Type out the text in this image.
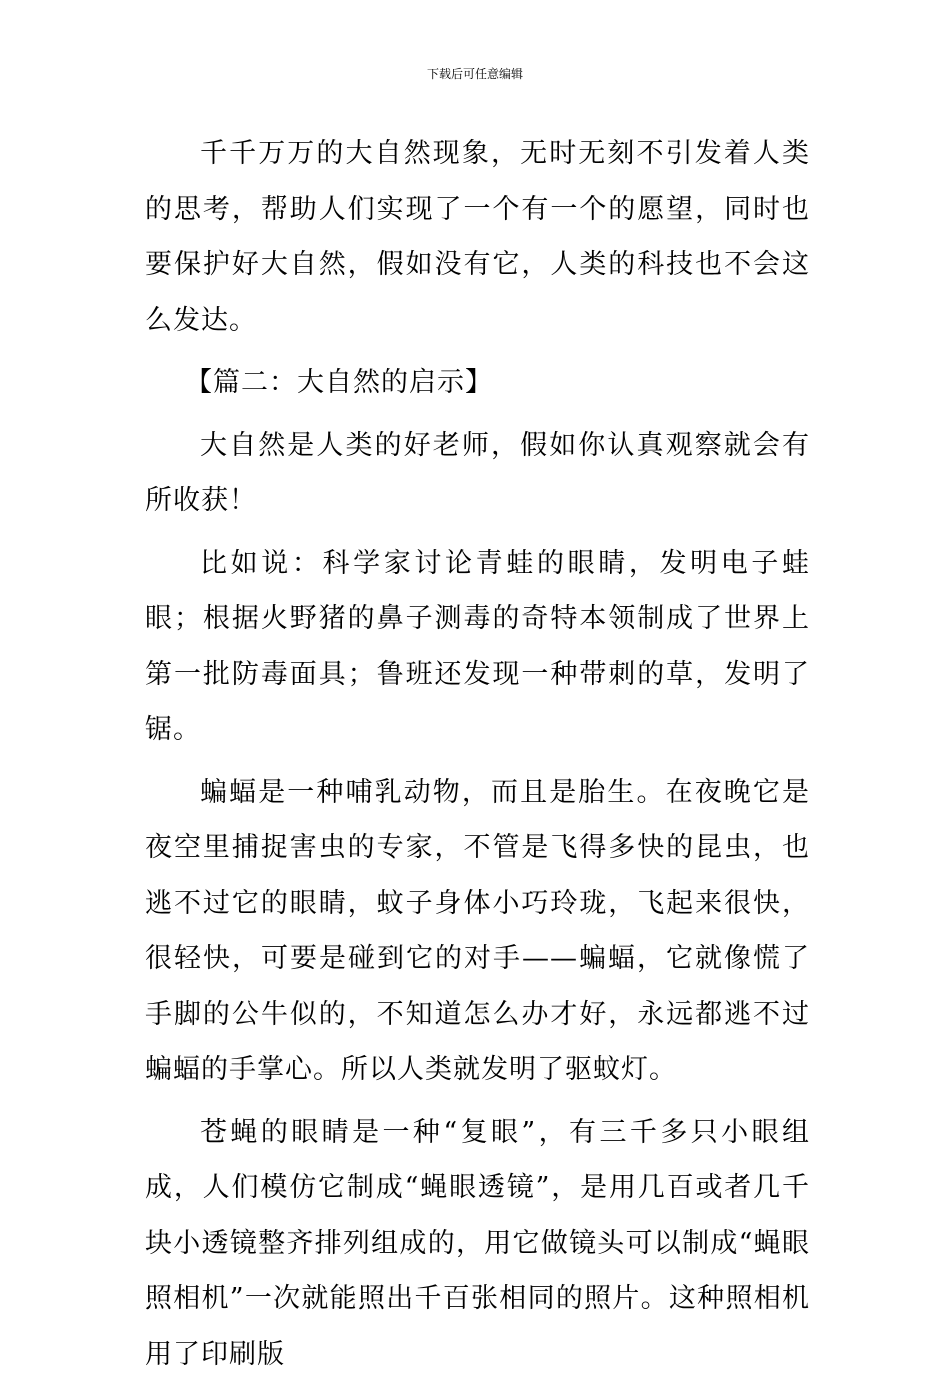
下载后可任意编辑

千千万万的大自然现象，无时无刻不引发着人类的思考，帮助人们实现了一个有一个的愿望，同时也要保护好大自然，假如没有它，人类的科技也不会这么发达。

【篇二：大自然的启示】

大自然是人类的好老师，假如你认真观察就会有所收获！

比如说：科学家讨论青蛙的眼睛，发明电子蛙眼；根据火野猪的鼻子测毒的奇特本领制成了世界上第一批防毒面具；鲁班还发现一种带刺的草，发明了锯。

蝙蝠是一种哺乳动物，而且是胎生。在夜晚它是夜空里捕捉害虫的专家，不管是飞得多快的昆虫，也逃不过它的眼睛，蚊子身体小巧玲珑，飞起来很快，很轻快，可要是碰到它的对手——蝙蝠，它就像慌了手脚的公牛似的，不知道怎么办才好，永远都逃不过蝙蝠的手掌心。所以人类就发明了驱蚊灯。

苍蝇的眼睛是一种“复眼”，有三千多只小眼组成，人们模仿它制成“蝇眼透镜”，是用几百或者几千块小透镜整齐排列组成的，用它做镜头可以制成“蝇眼照相机”一次就能照出千百张相同的照片。这种照相机用了印刷版
